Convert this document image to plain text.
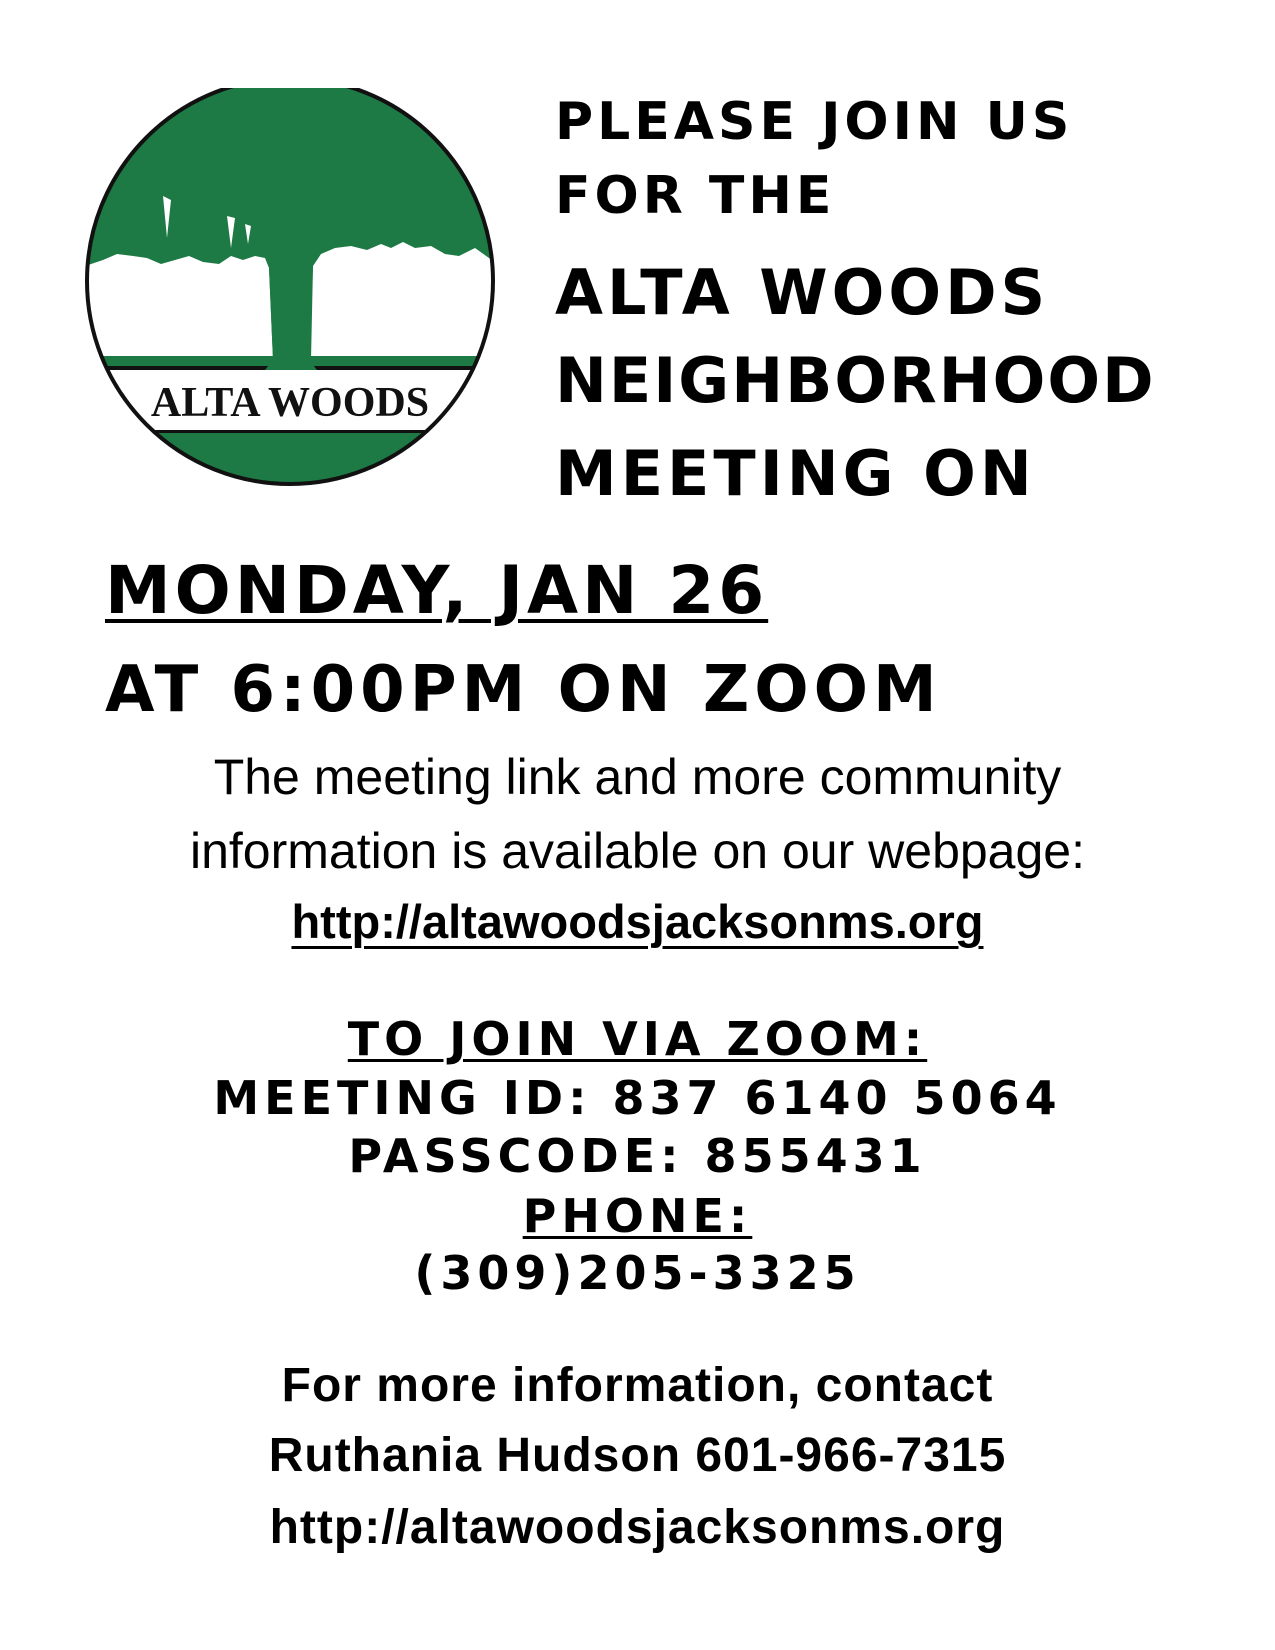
ALTA WOODS
PLEASE JOIN US
FOR THE
ALTA WOODS
NEIGHBORHOOD
MEETING ON
MONDAY, JAN 26
AT 6:00PM ON ZOOM

The meeting link and more community

information is available on our webpage:

http://altawoodsjacksonms.org
TO JOIN VIA ZOOM:
MEETING ID: 837 6140 5064
PASSCODE: 855431
PHONE:
(309)205-3325

For more information, contact

Ruthania Hudson 601-966-7315

http://altawoodsjacksonms.org
